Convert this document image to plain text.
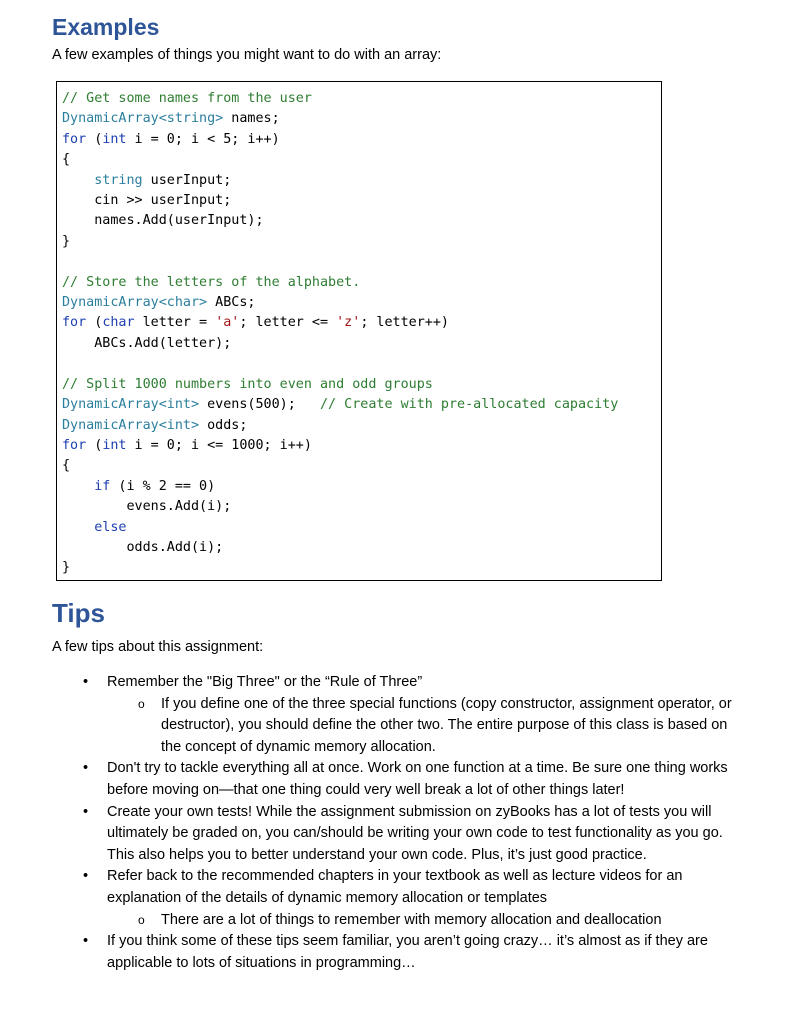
Examples

A few examples of things you might want to do with an array:

// Get some names from the user
DynamicArray<string> names;
for (int i = 0; i < 5; i++)
{
string userInput;
cin >> userInput;
names.Add(userInput);
}

// Store the letters of the alphabet.
DynamicArray<char> ABCs;
for (char letter = 'a'; letter <= 'z'; letter++)
ABCs.Add(letter);

// Split 1000 numbers into even and odd groups
DynamicArray<int> evens(500);   // Create with pre-allocated capacity
DynamicArray<int> odds;
for (int i = 0; i <= 1000; i++)
{
if (i % 2 == 0)
evens.Add(i);
else
odds.Add(i);
}
Tips

A few tips about this assignment:

• Remember the "Big Three" or the “Rule of Three”
o If you define one of the three special functions (copy constructor, assignment operator, or destructor), you should define the other two. The entire purpose of this class is based on the concept of dynamic memory allocation.
• Don't try to tackle everything all at once. Work on one function at a time. Be sure one thing works before moving on—that one thing could very well break a lot of other things later!
• Create your own tests! While the assignment submission on zyBooks has a lot of tests you will ultimately be graded on, you can/should be writing your own code to test functionality as you go. This also helps you to better understand your own code. Plus, it’s just good practice.
• Refer back to the recommended chapters in your textbook as well as lecture videos for an explanation of the details of dynamic memory allocation or templates
o There are a lot of things to remember with memory allocation and deallocation
• If you think some of these tips seem familiar, you aren’t going crazy… it’s almost as if they are applicable to lots of situations in programming…
